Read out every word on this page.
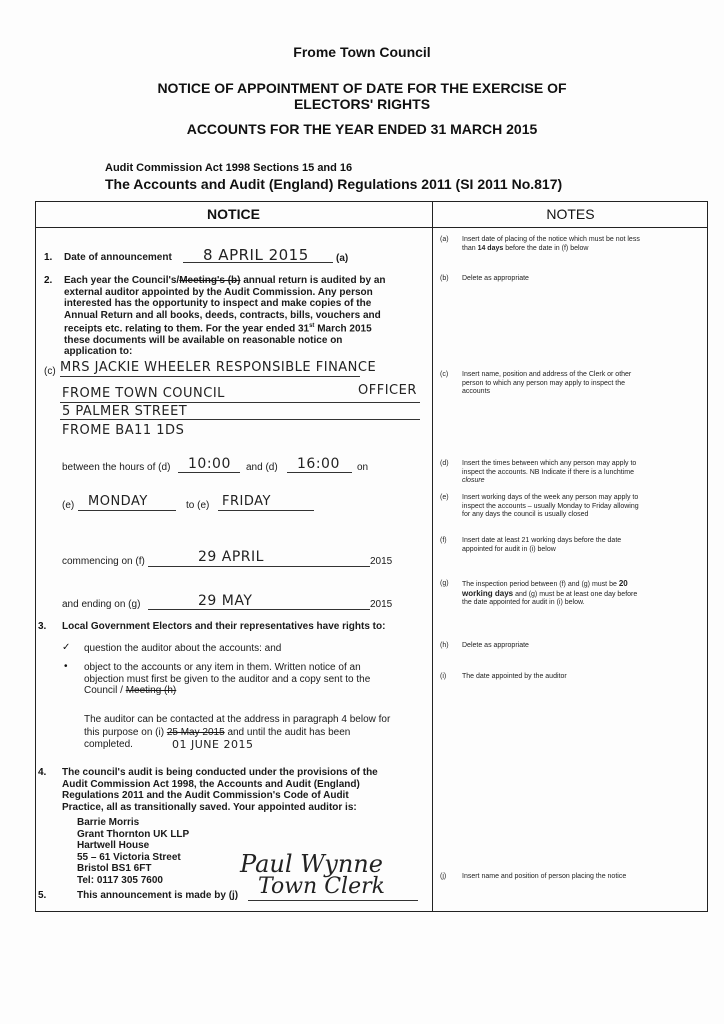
Frome Town Council
NOTICE OF APPOINTMENT OF DATE FOR THE EXERCISE OF
ELECTORS' RIGHTS
ACCOUNTS FOR THE YEAR ENDED 31 MARCH 2015
Audit Commission Act 1998 Sections 15 and 16
The Accounts and Audit (England) Regulations 2011 (SI 2011 No.817)
NOTICE	NOTES
1. Date of announcement 8 APRIL 2015	(a)
2. Each year the Council's/Meeting's (b) annual return is audited by an
external auditor appointed by the Audit Commission. Any person
interested has the opportunity to inspect and make copies of the
Annual Return and all books, deeds, contracts, bills, vouchers and
receipts etc. relating to them. For the year ended 31st March 2015
these documents will be available on reasonable notice on
application to:
(c) MRS JACKIE WHEELER RESPONSIBLE FINANCE
OFFICER
FROME TOWN COUNCIL
5 PALMER STREET
FROME BA11 1DS
between the hours of (d) 10:00 and (d) 16:00 on
(e) MONDAY	to (e) FRIDAY
commencing on (f)	29 APRIL	2015
and ending on (g)	29 MAY	2015
3. Local Government Electors and their representatives have rights to:
✓ question the auditor about the accounts: and
• object to the accounts or any item in them. Written notice of an
objection must first be given to the auditor and a copy sent to the
Council / Meeting (h)
The auditor can be contacted at the address in paragraph 4 below for
this purpose on (i) 25 May 2015 and until the audit has been
completed.	01 JUNE 2015
4. The council's audit is being conducted under the provisions of the
Audit Commission Act 1998, the Accounts and Audit (England)
Regulations 2011 and the Audit Commission's Code of Audit
Practice, all as transitionally saved. Your appointed auditor is:
Barrie Morris
Grant Thornton UK LLP
Hartwell House
55 – 61 Victoria Street
Bristol BS1 6FT
Tel: 0117 305 7600
Paul Wynne
Town Clerk
5.	This announcement is made by (j)
(a) Insert date of placing of the notice which must be not less
than 14 days before the date in (f) below
(b) Delete as appropriate
(c) Insert name, position and address of the Clerk or other
person to which any person may apply to inspect the
accounts
(d) Insert the times between which any person may apply to
inspect the accounts. NB Indicate if there is a lunchtime
closure
(e) Insert working days of the week any person may apply to
inspect the accounts – usually Monday to Friday allowing
for any days the council is usually closed
(f) Insert date at least 21 working days before the date
appointed for audit in (i) below
(g) The inspection period between (f) and (g) must be 20
working days and (g) must be at least one day before
the date appointed for audit in (i) below.
(h) Delete as appropriate
(i) The date appointed by the auditor
(j) Insert name and position of person placing the notice
